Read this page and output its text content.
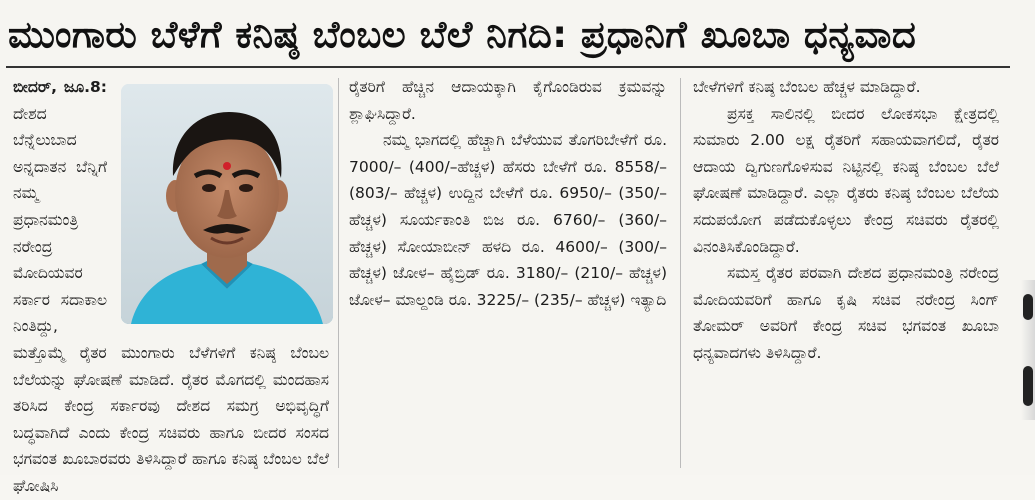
ಮುಂಗಾರು ಬೆಳೆಗೆ ಕನಿಷ್ಠ ಬೆಂಬಲ ಬೆಲೆ ನಿಗದಿ: ಪ್ರಧಾನಿಗೆ ಖೂಬಾ ಧನ್ಯವಾದ

ಬೀದರ್, ಜೂ.8: ದೇಶದ ಬೆನ್ನೆಲುಬಾದ ಅನ್ನದಾತನ ಬೆನ್ನಿಗೆ ನಮ್ಮ ಪ್ರಧಾನಮಂತ್ರಿ ನರೇಂದ್ರ ಮೋದಿಯವರ ಸರ್ಕಾರ ಸದಾಕಾಲ ನಿಂತಿದ್ದು, ಮತ್ತೊಮ್ಮೆ ರೈತರ ಮುಂಗಾರು ಬೆಳೆಗಳಿಗೆ ಕನಿಷ್ಠ ಬೆಂಬಲ ಬೆಲೆಯನ್ನು ಘೋಷಣೆ ಮಾಡಿದೆ. ರೈತರ ಮೊಗದಲ್ಲಿ ಮಂದಹಾಸ ತರಿಸಿದ ಕೇಂದ್ರ ಸರ್ಕಾರವು ದೇಶದ ಸಮಗ್ರ ಅಭಿವೃದ್ಧಿಗೆ ಬದ್ಧವಾಗಿದೆ ಎಂದು ಕೇಂದ್ರ ಸಚಿವರು ಹಾಗೂ ಬೀದರ ಸಂಸದ ಭಗವಂತ ಖೂಬಾರವರು ತಿಳಿಸಿದ್ದಾರೆ ಹಾಗೂ ಕನಿಷ್ಠ ಬೆಂಬಲ ಬೆಲೆ ಘೋಷಿಸಿ

ರೈತರಿಗೆ ಹೆಚ್ಚಿನ ಆದಾಯಕ್ಕಾಗಿ ಕೈಗೊಂಡಿರುವ ಕ್ರಮವನ್ನು ಶ್ಲಾಘಿಸಿದ್ದಾರೆ.

ನಮ್ಮ ಭಾಗದಲ್ಲಿ ಹೆಚ್ಚಾಗಿ ಬೆಳೆಯುವ ತೊಗರಿಬೇಳೆಗೆ ರೂ. 7000/– (400/–ಹೆಚ್ಚಳ) ಹೆಸರು ಬೇಳೆಗೆ ರೂ. 8558/– (803/– ಹೆಚ್ಚಳ) ಉದ್ದಿನ ಬೇಳೆಗೆ ರೂ. 6950/– (350/–ಹೆಚ್ಚಳ) ಸೂರ್ಯಕಾಂತಿ ಬಿಜ ರೂ. 6760/– (360/– ಹೆಚ್ಚಳ) ಸೋಯಾಬೀನ್ ಹಳದಿ ರೂ. 4600/– (300/– ಹೆಚ್ಚಳ) ಜೋಳ– ಹೈಬ್ರಿಡ್ ರೂ. 3180/– (210/– ಹೆಚ್ಚಳ) ಜೋಳ– ಮಾಲ್ದಂಡಿ ರೂ. 3225/– (235/– ಹೆಚ್ಚಳ) ಇತ್ಯಾದಿ

ಬೇಳೆಗಳಿಗೆ ಕನಿಷ್ಠ ಬೆಂಬಲ ಹೆಚ್ಚಳ ಮಾಡಿದ್ದಾರೆ.

ಪ್ರಸಕ್ತ ಸಾಲಿನಲ್ಲಿ ಬೀದರ ಲೋಕಸಭಾ ಕ್ಷೇತ್ರದಲ್ಲಿ ಸುಮಾರು 2.00 ಲಕ್ಷ ರೈತರಿಗೆ ಸಹಾಯವಾಗಲಿದೆ, ರೈತರ ಆದಾಯ ದ್ವಿಗುಣಗೊಳಿಸುವ ನಿಟ್ಟಿನಲ್ಲಿ ಕನಿಷ್ಠ ಬೆಂಬಲ ಬೆಲೆ ಘೋಷಣೆ ಮಾಡಿದ್ದಾರೆ. ಎಲ್ಲಾ ರೈತರು ಕನಿಷ್ಠ ಬೆಂಬಲ ಬೆಲೆಯ ಸದುಪಯೋಗ ಪಡೆದುಕೊಳ್ಳಲು ಕೇಂದ್ರ ಸಚಿವರು ರೈತರಲ್ಲಿ ವಿನಂತಿಸಿಕೊಂಡಿದ್ದಾರೆ.

ಸಮಸ್ತ ರೈತರ ಪರವಾಗಿ ದೇಶದ ಪ್ರಧಾನಮಂತ್ರಿ ನರೇಂದ್ರ ಮೋದಿಯವರಿಗೆ ಹಾಗೂ ಕೃಷಿ ಸಚಿವ ನರೇಂದ್ರ ಸಿಂಗ್ ತೋಮರ್ ಅವರಿಗೆ ಕೇಂದ್ರ ಸಚಿವ ಭಗವಂತ ಖೂಬಾ ಧನ್ಯವಾದಗಳು ತಿಳಿಸಿದ್ದಾರೆ.
